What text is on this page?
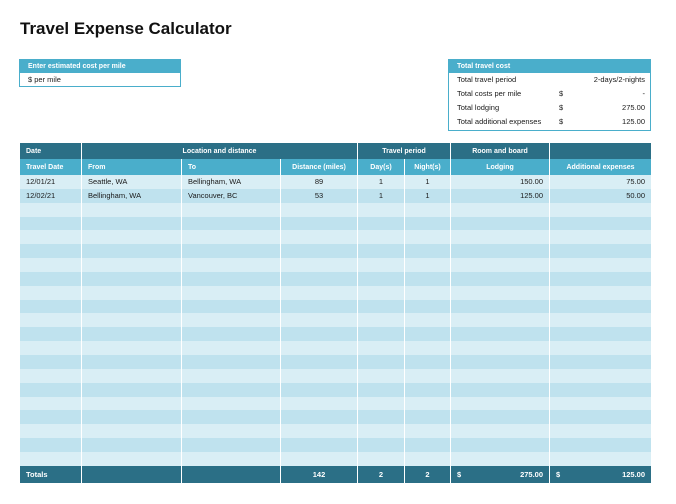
Travel Expense Calculator
Enter estimated cost per mile
$ per mile
Total travel cost
Total travel period	2-days/2-nights
Total costs per mile	$	-
Total lodging	$	275.00
Total additional expenses $	125.00
Date	Location and distance			Travel period		Room and board	
Travel Date	From	To	Distance (miles)	Day(s)	Night(s)	Lodging	Additional expenses
12/01/21	Seattle, WA	Bellingham, WA	89	1	1	150.00	75.00
12/02/21	Bellingham, WA	Vancouver, BC	53	1	1	125.00	50.00

Totals			142	2	2	$ 275.00	$ 125.00
